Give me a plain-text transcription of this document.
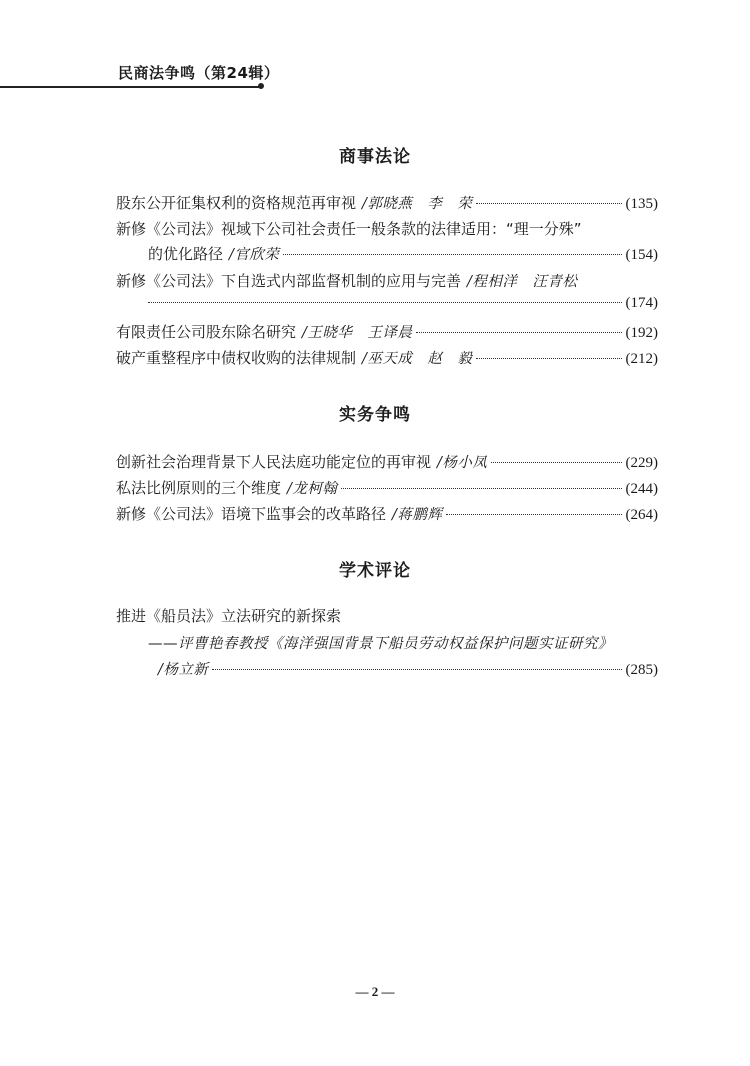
民商法争鸣（第24辑）
商事法论
股东公开征集权利的资格规范再审视 /郭晓燕　李　荣	(135)
新修《公司法》视域下公司社会责任一般条款的法律适用：“理一分殊”
的优化路径 /官欣荣	(154)
新修《公司法》下自选式内部监督机制的应用与完善 /程相洋　汪青松
(174)
有限责任公司股东除名研究 /王晓华　王译晨	(192)
破产重整程序中债权收购的法律规制 /巫天成　赵　毅	(212)
实务争鸣
创新社会治理背景下人民法庭功能定位的再审视 /杨小凤	(229)
私法比例原则的三个维度 /龙柯翰	(244)
新修《公司法》语境下监事会的改革路径 /蒋鹏辉	(264)
学术评论
推进《船员法》立法研究的新探索
——评曹艳春教授《海洋强国背景下船员劳动权益保护问题实证研究》
/杨立新	(285)
— 2 —
